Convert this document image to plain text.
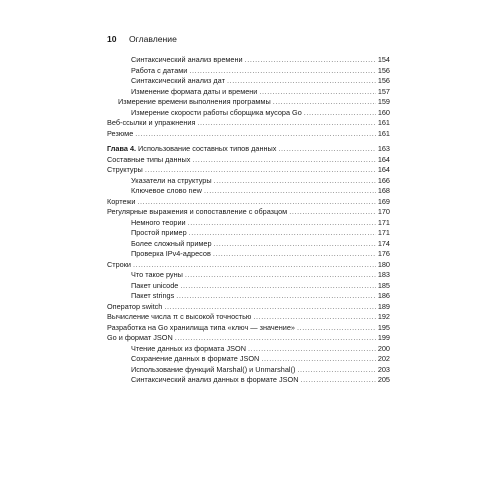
10 Оглавление
Синтаксический анализ времени .....	154
Работа с датами .....	156
Синтаксический анализ дат .....	156
Изменение формата даты и времени .....	157
Измерение времени выполнения программы .....	159
Измерение скорости работы сборщика мусора Go .....	160
Веб-ссылки и упражнения .....	161
Резюме .....	161
Глава 4. Использование составных типов данных .....	163
Составные типы данных .....	164
Структуры .....	164
Указатели на структуры .....	166
Ключевое слово new .....	168
Кортежи .....	169
Регулярные выражения и сопоставление с образцом .....	170
Немного теории .....	171
Простой пример .....	171
Более сложный пример .....	174
Проверка IPv4-адресов .....	176
Строки .....	180
Что такое руны .....	183
Пакет unicode .....	185
Пакет strings .....	186
Оператор switch .....	189
Вычисление числа π с высокой точностью .....	192
Разработка на Go хранилища типа «ключ — значение» .....	195
Go и формат JSON .....	199
Чтение данных из формата JSON .....	200
Сохранение данных в формате JSON .....	202
Использование функций Marshal() и Unmarshal() .....	203
Синтаксический анализ данных в формате JSON .....	205
